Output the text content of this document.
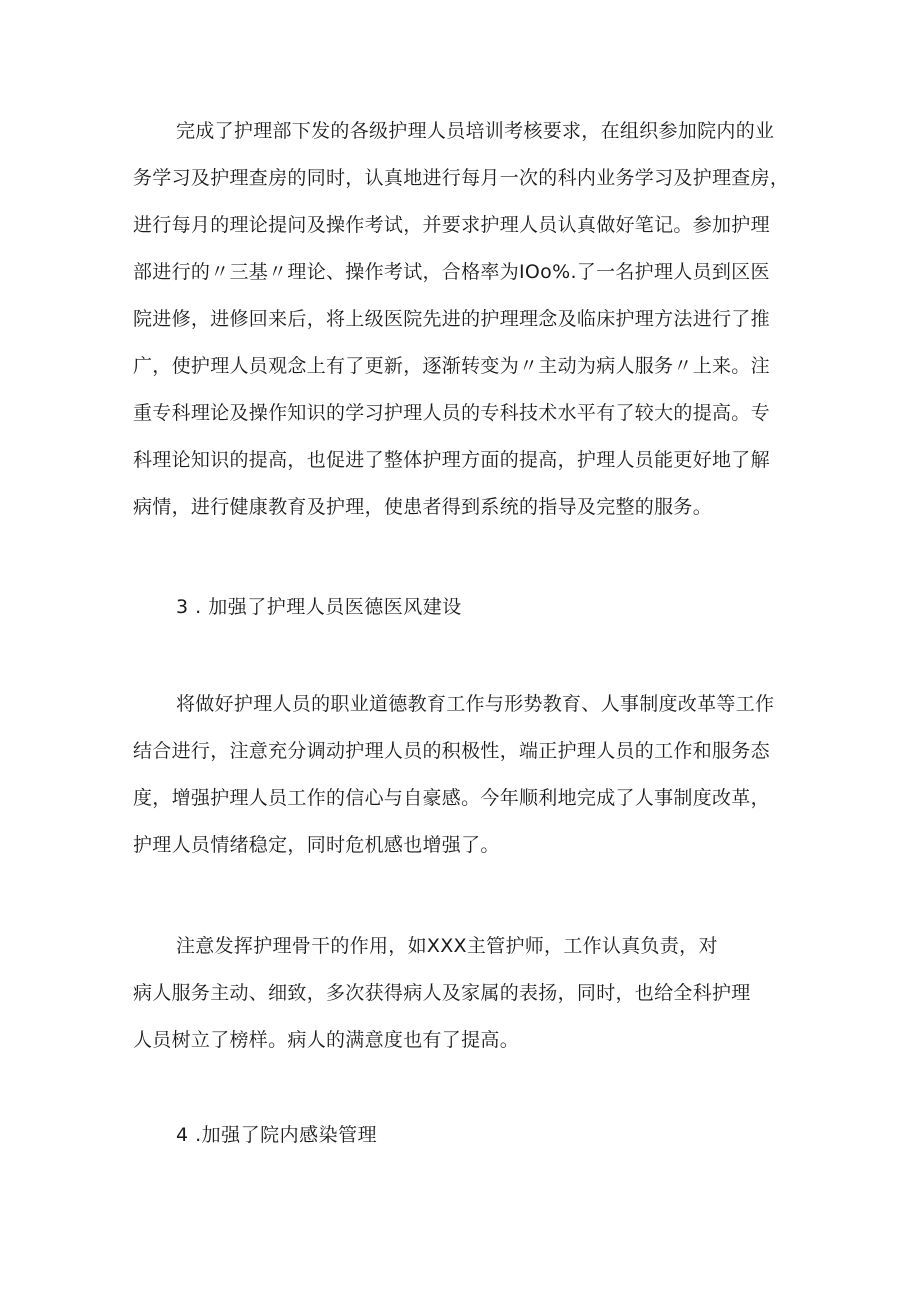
完成了护理部下发的各级护理人员培训考核要求，在组织参加院内的业

务学习及护理查房的同时，认真地进行每月一次的科内业务学习及护理查房，

进行每月的理论提问及操作考试，并要求护理人员认真做好笔记。参加护理

部进行的〃三基〃理论、操作考试，合格率为IOo%.了一名护理人员到区医

院进修，进修回来后，将上级医院先进的护理理念及临床护理方法进行了推

广，使护理人员观念上有了更新，逐渐转变为〃主动为病人服务〃上来。注

重专科理论及操作知识的学习护理人员的专科技术水平有了较大的提高。专

科理论知识的提高，也促进了整体护理方面的提高，护理人员能更好地了解

病情，进行健康教育及护理，使患者得到系统的指导及完整的服务。

3 . 加强了护理人员医德医风建设

将做好护理人员的职业道德教育工作与形势教育、人事制度改革等工作

结合进行，注意充分调动护理人员的积极性，端正护理人员的工作和服务态

度，增强护理人员工作的信心与自豪感。今年顺利地完成了人事制度改革，

护理人员情绪稳定，同时危机感也增强了。

注意发挥护理骨干的作用，如XXX主管护师，工作认真负责，对

病人服务主动、细致，多次获得病人及家属的表扬，同时，也给全科护理

人员树立了榜样。病人的满意度也有了提高。

4 .加强了院内感染管理
